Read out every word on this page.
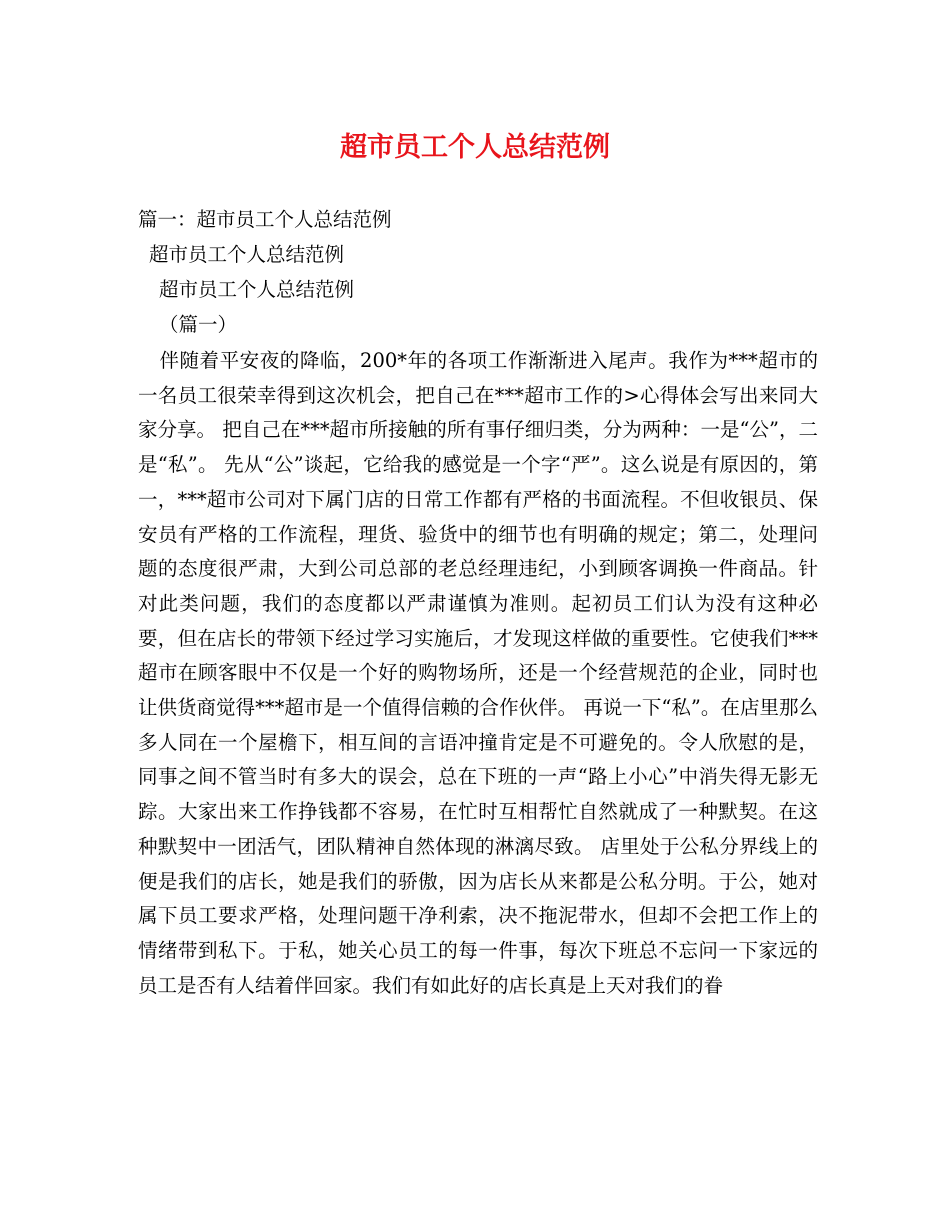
超市员工个人总结范例

篇一：超市员工个人总结范例

超市员工个人总结范例

超市员工个人总结范例

（篇一）

伴随着平安夜的降临，200*年的各项工作渐渐进入尾声。我作为***超市的一名员工很荣幸得到这次机会，把自己在***超市工作的>心得体会写出来同大家分享。 把自己在***超市所接触的所有事仔细归类，分为两种：一是“公”，二是“私”。 先从“公”谈起，它给我的感觉是一个字“严”。这么说是有原因的，第一，***超市公司对下属门店的日常工作都有严格的书面流程。不但收银员、保安员有严格的工作流程，理货、验货中的细节也有明确的规定；第二，处理问题的态度很严肃，大到公司总部的老总经理违纪，小到顾客调换一件商品。针对此类问题，我们的态度都以严肃谨慎为准则。起初员工们认为没有这种必要，但在店长的带领下经过学习实施后，才发现这样做的重要性。它使我们***超市在顾客眼中不仅是一个好的购物场所，还是一个经营规范的企业，同时也让供货商觉得***超市是一个值得信赖的合作伙伴。 再说一下“私”。在店里那么多人同在一个屋檐下，相互间的言语冲撞肯定是不可避免的。令人欣慰的是，同事之间不管当时有多大的误会，总在下班的一声“路上小心”中消失得无影无踪。大家出来工作挣钱都不容易，在忙时互相帮忙自然就成了一种默契。在这种默契中一团活气，团队精神自然体现的淋漓尽致。 店里处于公私分界线上的便是我们的店长，她是我们的骄傲，因为店长从来都是公私分明。于公，她对属下员工要求严格，处理问题干净利索，决不拖泥带水，但却不会把工作上的情绪带到私下。于私，她关心员工的每一件事，每次下班总不忘问一下家远的员工是否有人结着伴回家。我们有如此好的店长真是上天对我们的眷
